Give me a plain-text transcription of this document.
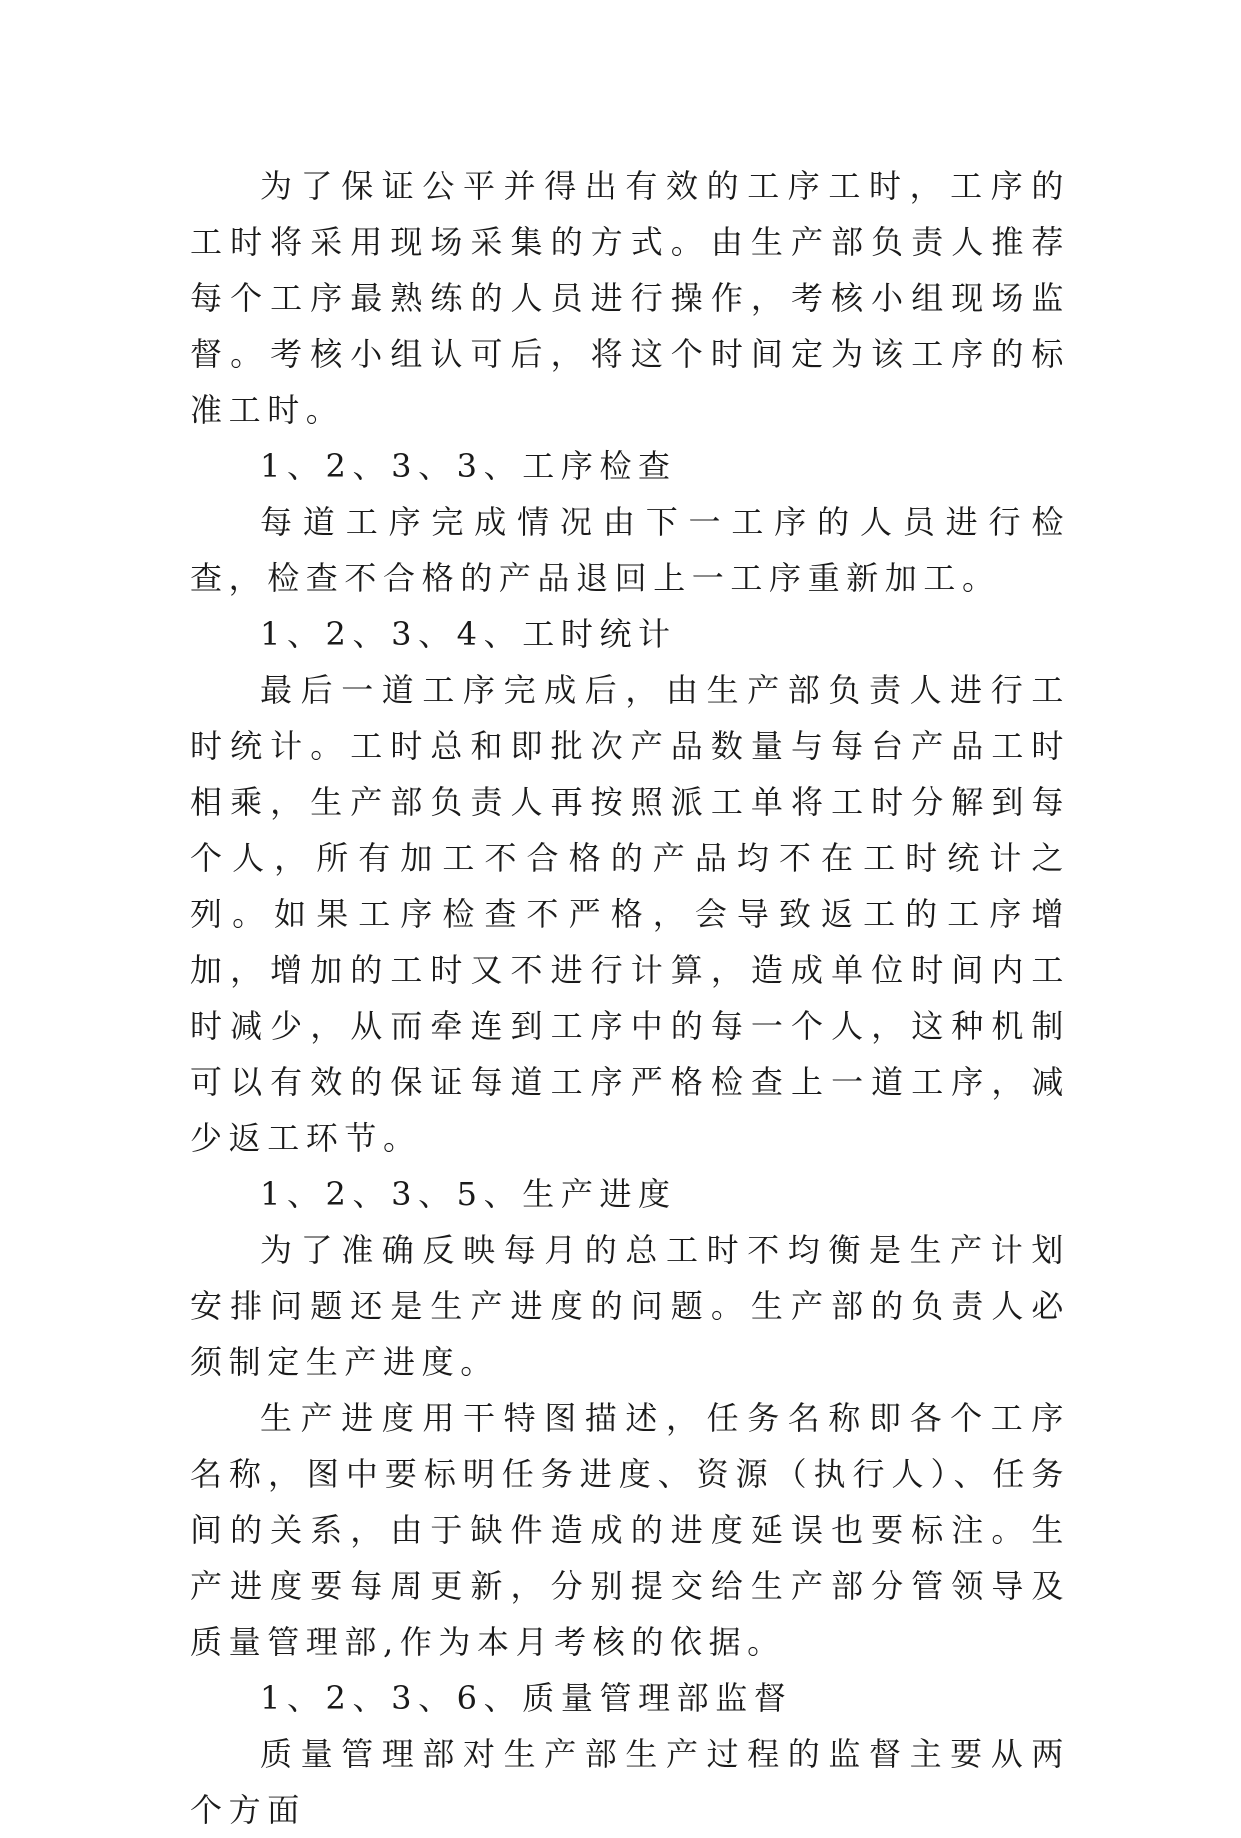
为了保证公平并得出有效的工序工时，工序的工时将采用现场采集的方式。由生产部负责人推荐每个工序最熟练的人员进行操作，考核小组现场监督。考核小组认可后，将这个时间定为该工序的标准工时。

1、2、3、3、工序检查

每道工序完成情况由下一工序的人员进行检查，检查不合格的产品退回上一工序重新加工。

1、2、3、4、工时统计

最后一道工序完成后，由生产部负责人进行工时统计。工时总和即批次产品数量与每台产品工时相乘，生产部负责人再按照派工单将工时分解到每个人，所有加工不合格的产品均不在工时统计之列。如果工序检查不严格，会导致返工的工序增加，增加的工时又不进行计算，造成单位时间内工时减少，从而牵连到工序中的每一个人，这种机制可以有效的保证每道工序严格检查上一道工序，减少返工环节。

1、2、3、5、生产进度

为了准确反映每月的总工时不均衡是生产计划安排问题还是生产进度的问题。生产部的负责人必须制定生产进度。

生产进度用干特图描述，任务名称即各个工序名称，图中要标明任务进度、资源（执行人）、任务间的关系，由于缺件造成的进度延误也要标注。生产进度要每周更新，分别提交给生产部分管领导及质量管理部,作为本月考核的依据。

1、2、3、6、质量管理部监督

质量管理部对生产部生产过程的监督主要从两个方面
